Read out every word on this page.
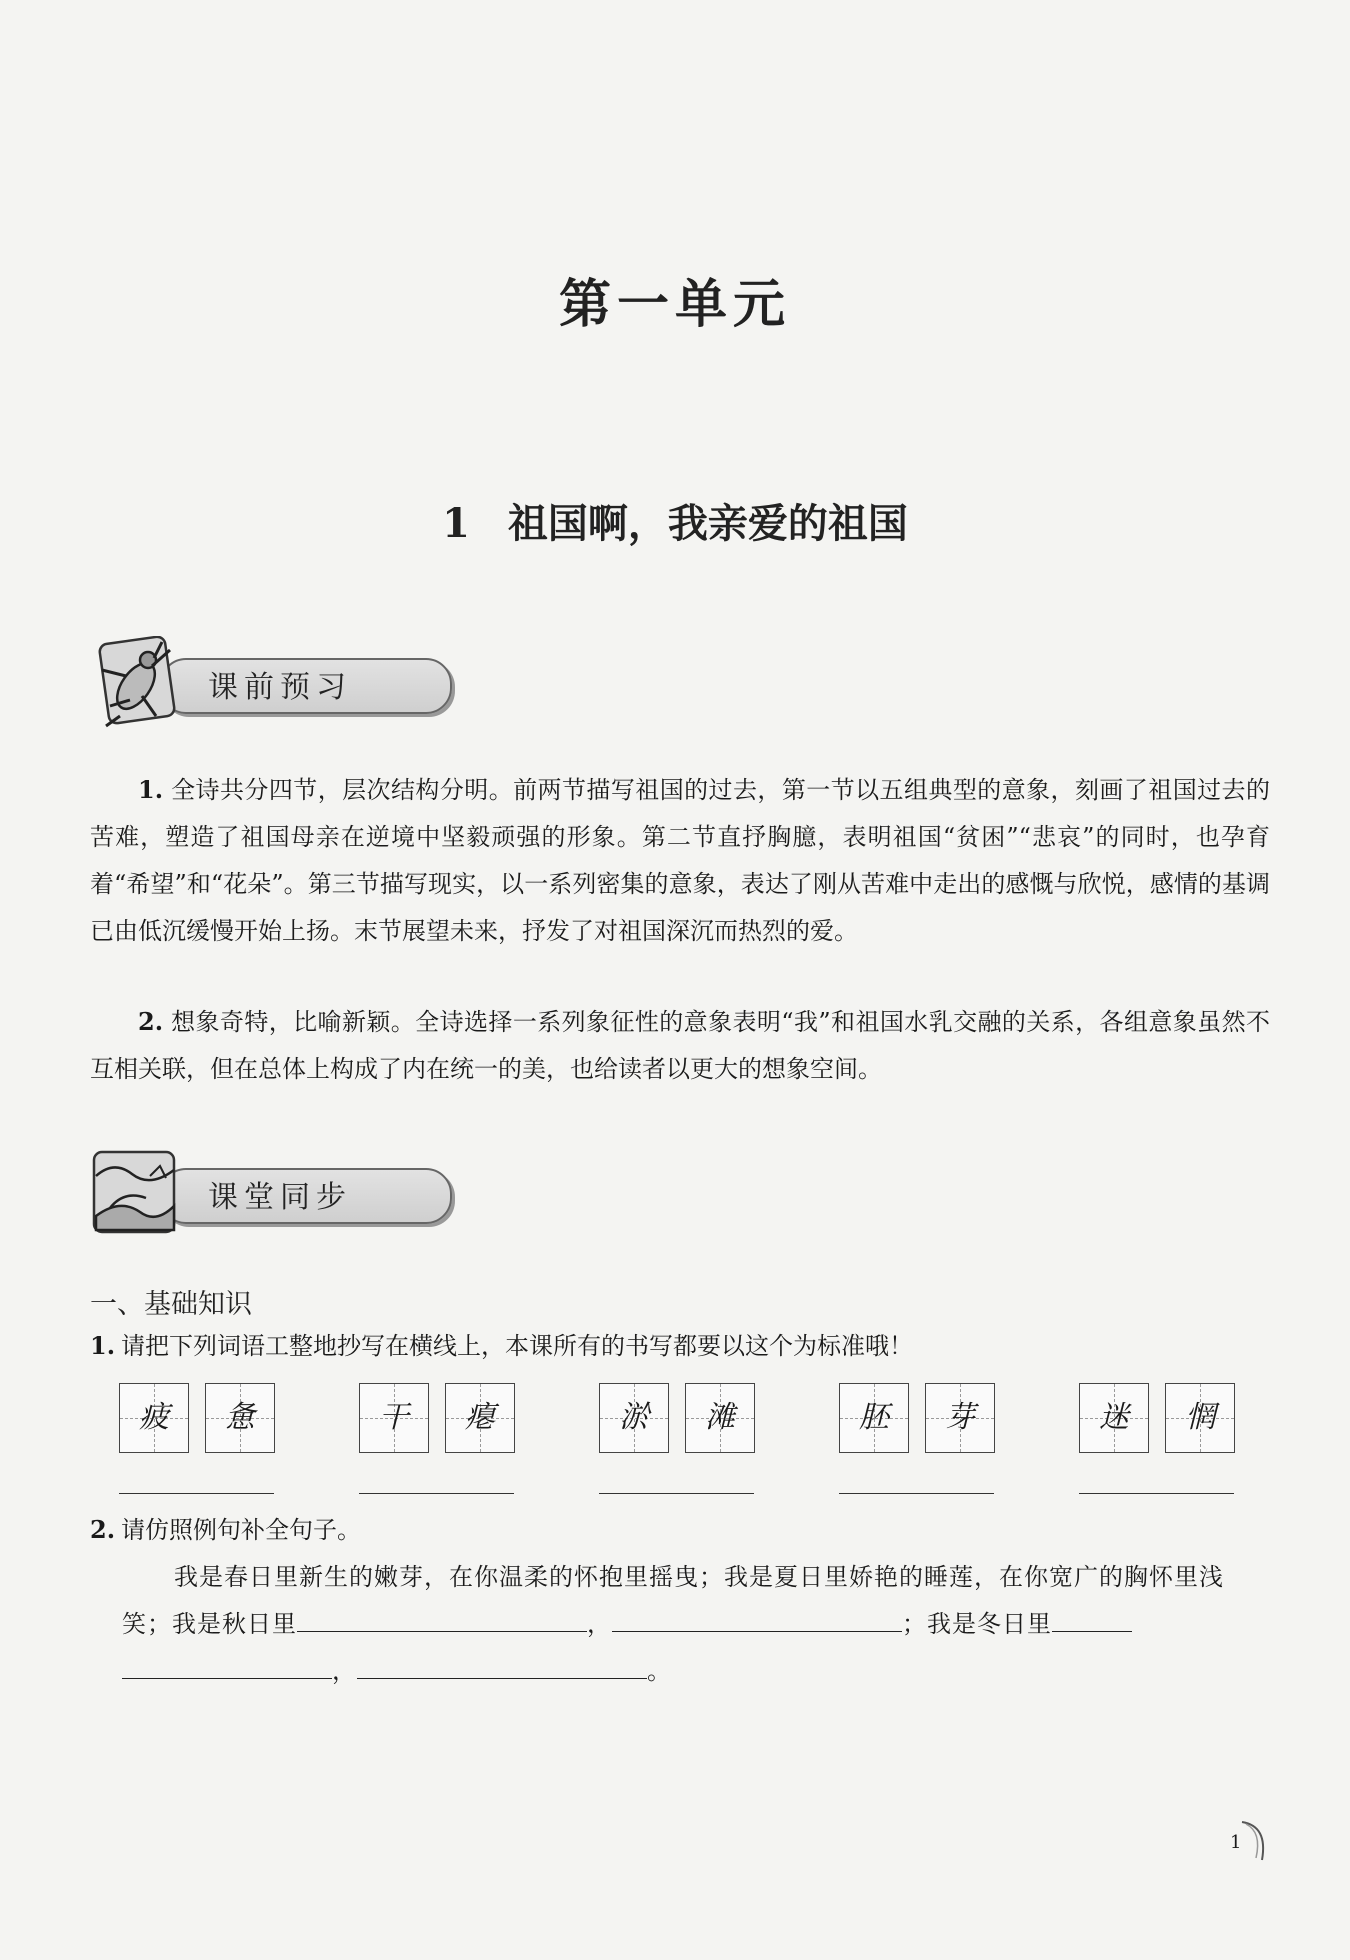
第一单元
1 祖国啊，我亲爱的祖国
课前预习

1. 全诗共分四节，层次结构分明。前两节描写祖国的过去，第一节以五组典型的意象，刻画了祖国过去的苦难，塑造了祖国母亲在逆境中坚毅顽强的形象。第二节直抒胸臆，表明祖国“贫困”“悲哀”的同时，也孕育着“希望”和“花朵”。第三节描写现实，以一系列密集的意象，表达了刚从苦难中走出的感慨与欣悦，感情的基调已由低沉缓慢开始上扬。末节展望未来，抒发了对祖国深沉而热烈的爱。

2. 想象奇特，比喻新颖。全诗选择一系列象征性的意象表明“我”和祖国水乳交融的关系，各组意象虽然不互相关联，但在总体上构成了内在统一的美，也给读者以更大的想象空间。

课堂同步
一、基础知识
1. 请把下列词语工整地抄写在横线上，本课所有的书写都要以这个为标准哦！
疲	惫	干	瘪	淤	滩	胚	芽	迷	惘
2. 请仿照例句补全句子。
我是春日里新生的嫩芽，在你温柔的怀抱里摇曳；我是夏日里娇艳的睡莲，在你宽广的胸怀里浅笑；我是秋日里	，	；我是冬日里
，	。
1
